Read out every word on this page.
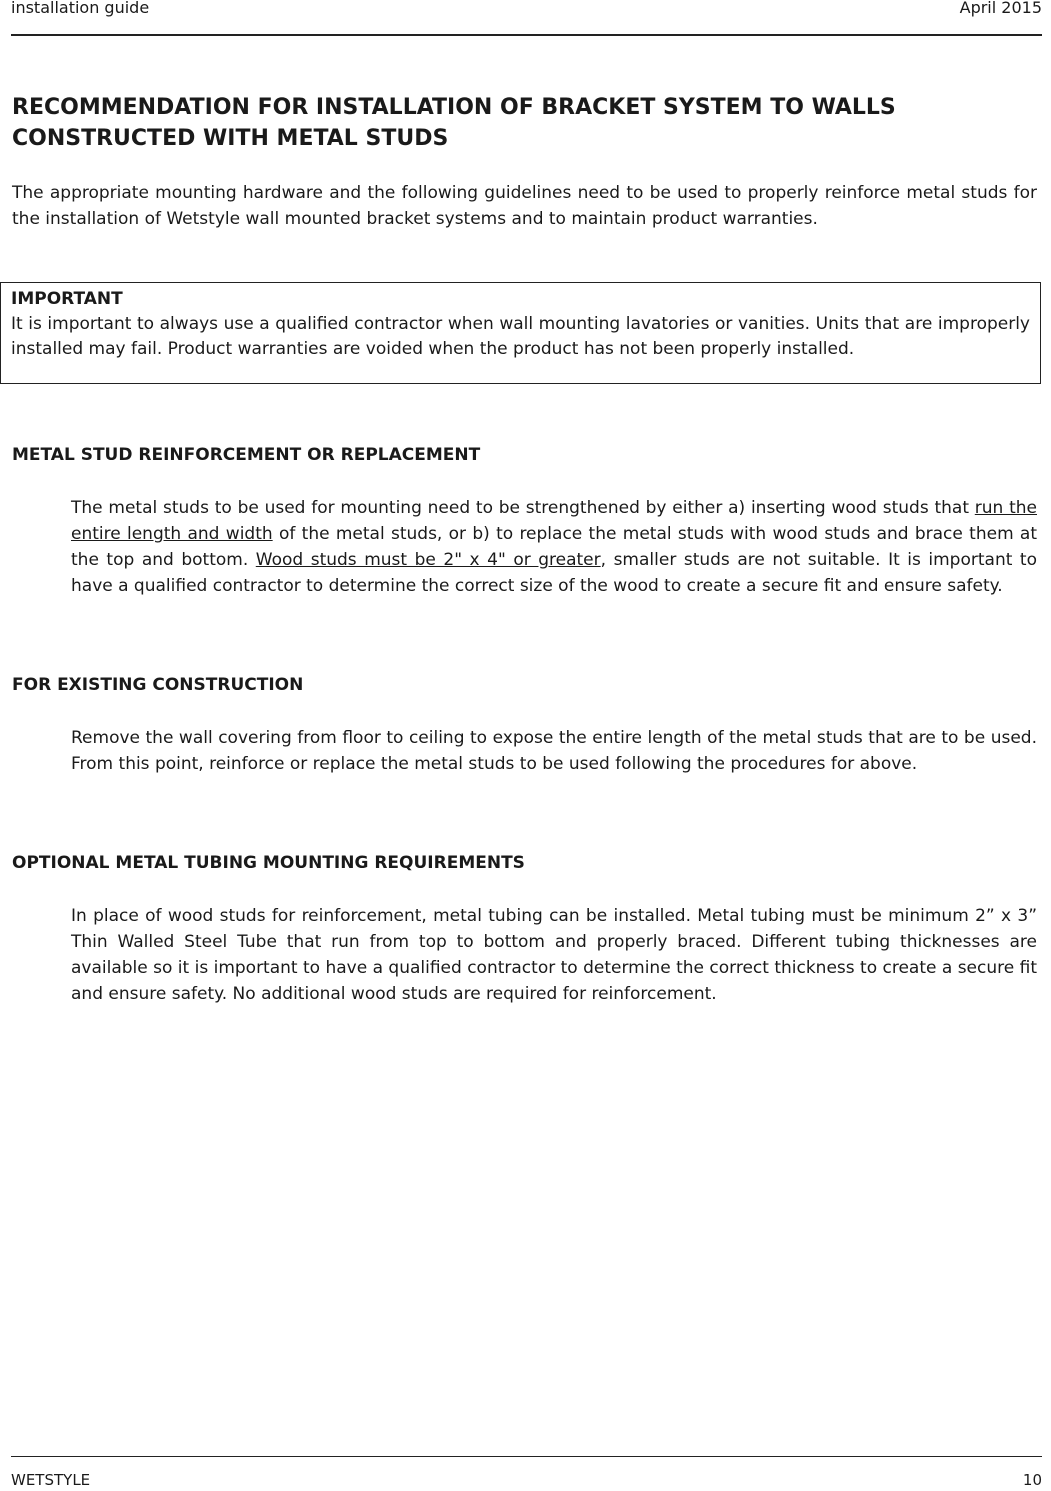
installation guide	April 2015
RECOMMENDATION FOR INSTALLATION OF BRACKET SYSTEM TO WALLS CONSTRUCTED WITH METAL STUDS

The appropriate mounting hardware and the following guidelines need to be used to properly reinforce metal studs for the installation of Wetstyle wall mounted bracket systems and to maintain product warranties.

IMPORTANT

It is important to always use a qualified contractor when wall mounting lavatories or vanities. Units that are improperly installed may fail. Product warranties are voided when the product has not been properly installed.

METAL STUD REINFORCEMENT OR REPLACEMENT

The metal studs to be used for mounting need to be strengthened by either a) inserting wood studs that run the entire length and width of the metal studs, or b) to replace the metal studs with wood studs and brace them at the top and bottom. Wood studs must be 2" x 4" or greater, smaller studs are not suitable. It is important to have a qualified contractor to determine the correct size of the wood to create a secure fit and ensure safety.

FOR EXISTING CONSTRUCTION

Remove the wall covering from floor to ceiling to expose the entire length of the metal studs that are to be used. From this point, reinforce or replace the metal studs to be used following the procedures for above.

OPTIONAL METAL TUBING MOUNTING REQUIREMENTS

In place of wood studs for reinforcement, metal tubing can be installed. Metal tubing must be minimum 2” x 3” Thin Walled Steel Tube that run from top to bottom and properly braced. Different tubing thicknesses are available so it is important to have a qualified contractor to determine the correct thickness to create a secure fit and ensure safety. No additional wood studs are required for reinforcement.

WETSTYLE	10
